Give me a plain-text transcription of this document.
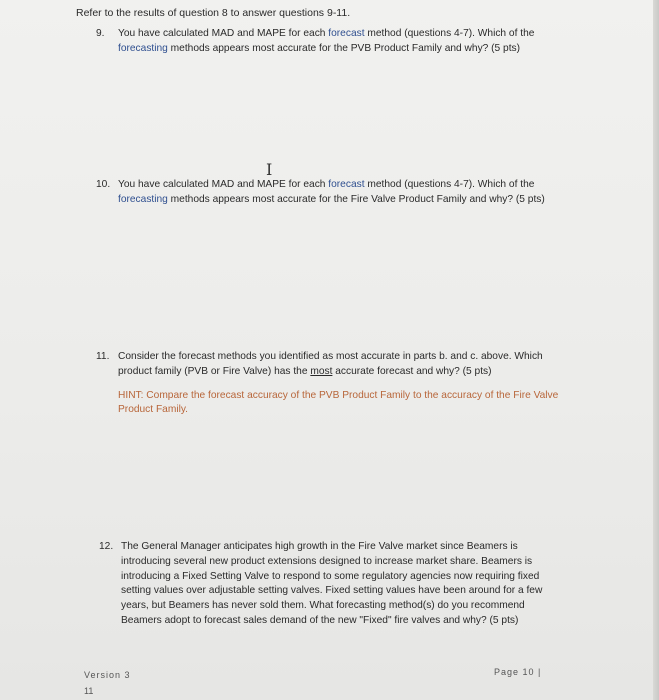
Refer to the results of question 8 to answer questions 9-11.
9. You have calculated MAD and MAPE for each forecast method (questions 4-7). Which of the
forecasting methods appears most accurate for the PVB Product Family and why? (5 pts)
I
10. You have calculated MAD and MAPE for each forecast method (questions 4-7). Which of the
forecasting methods appears most accurate for the Fire Valve Product Family and why? (5 pts)
11. Consider the forecast methods you identified as most accurate in parts b. and c. above. Which
product family (PVB or Fire Valve) has the most accurate forecast and why? (5 pts)
HINT: Compare the forecast accuracy of the PVB Product Family to the accuracy of the Fire Valve
Product Family.
12. The General Manager anticipates high growth in the Fire Valve market since Beamers is
introducing several new product extensions designed to increase market share. Beamers is
introducing a Fixed Setting Valve to respond to some regulatory agencies now requiring fixed
setting values over adjustable setting valves. Fixed setting values have been around for a few
years, but Beamers has never sold them. What forecasting method(s) do you recommend
Beamers adopt to forecast sales demand of the new "Fixed" fire valves and why? (5 pts)
Version 3	Page 10 |
11
